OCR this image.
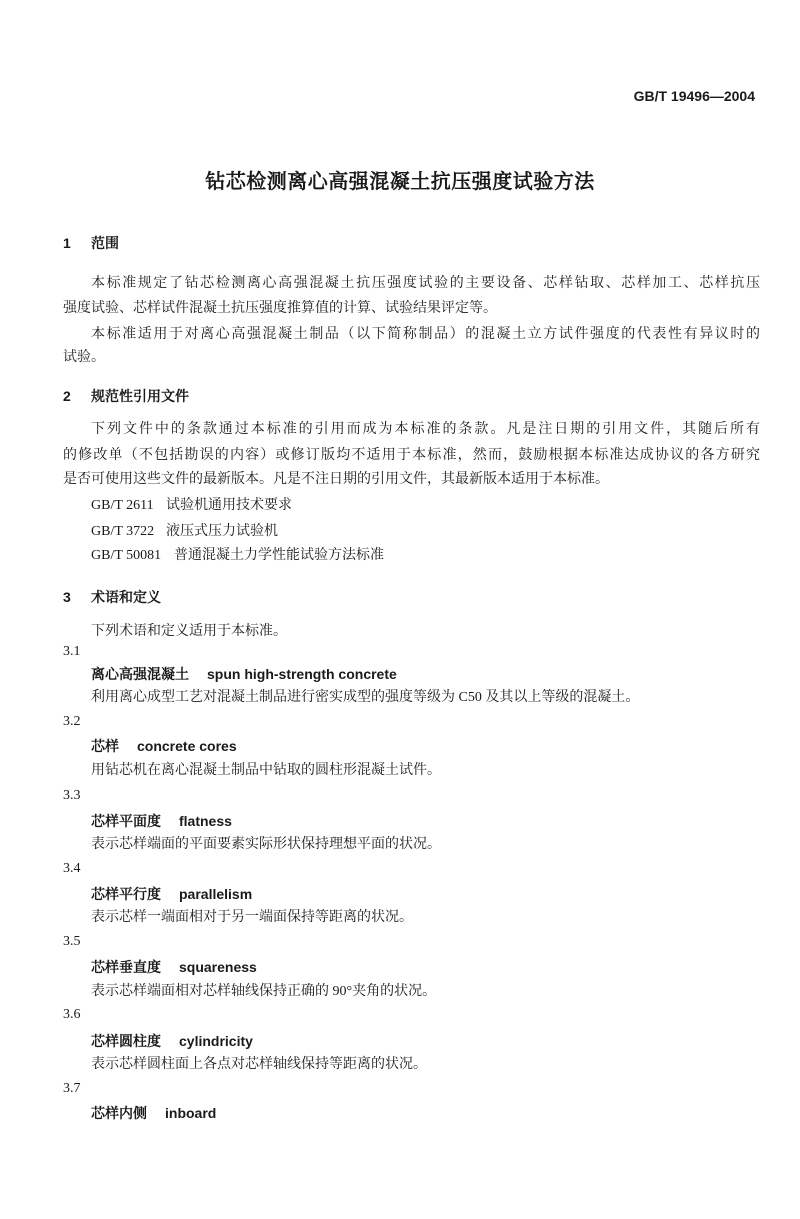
GB/T 19496—2004
钻芯检测离心高强混凝土抗压强度试验方法
1 范围
本标准规定了钻芯检测离心高强混凝土抗压强度试验的主要设备、芯样钻取、芯样加工、芯样抗压
强度试验、芯样试件混凝土抗压强度推算值的计算、试验结果评定等。
本标准适用于对离心高强混凝土制品（以下简称制品）的混凝土立方试件强度的代表性有异议时的
试验。
2 规范性引用文件
下列文件中的条款通过本标准的引用而成为本标准的条款。凡是注日期的引用文件，其随后所有
的修改单（不包括勘误的内容）或修订版均不适用于本标准，然而，鼓励根据本标准达成协议的各方研究
是否可使用这些文件的最新版本。凡是不注日期的引用文件，其最新版本适用于本标准。
GB/T 2611 试验机通用技术要求
GB/T 3722 液压式压力试验机
GB/T 50081 普通混凝土力学性能试验方法标准
3 术语和定义
下列术语和定义适用于本标准。
3.1
离心高强混凝土 spun high-strength concrete
利用离心成型工艺对混凝土制品进行密实成型的强度等级为 C50 及其以上等级的混凝土。
3.2
芯样 concrete cores
用钻芯机在离心混凝土制品中钻取的圆柱形混凝土试件。
3.3
芯样平面度 flatness
表示芯样端面的平面要素实际形状保持理想平面的状况。
3.4
芯样平行度 parallelism
表示芯样一端面相对于另一端面保持等距离的状况。
3.5
芯样垂直度 squareness
表示芯样端面相对芯样轴线保持正确的 90°夹角的状况。
3.6
芯样圆柱度 cylindricity
表示芯样圆柱面上各点对芯样轴线保持等距离的状况。
3.7
芯样内侧 inboard
